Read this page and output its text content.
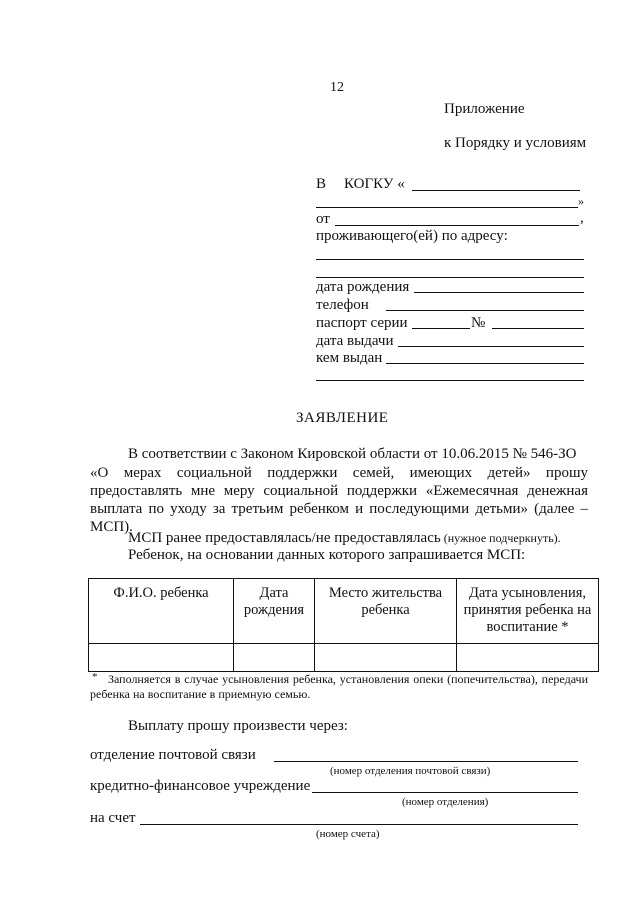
12
Приложение
к Порядку и условиям
В КОГКУ «
»
от	,
проживающего(ей) по адресу:
дата рождения
телефон
паспорт серии	№
дата выдачи
кем выдан
ЗАЯВЛЕНИЕ
В соответствии с Законом Кировской области от 10.06.2015 № 546-ЗО
«О мерах социальной поддержки семей, имеющих детей» прошу предоставлять мне меру социальной поддержки «Ежемесячная денежная выплата по уходу за третьим ребенком и последующими детьми» (далее – МСП).
МСП ранее предоставлялась/не предоставлялась (нужное подчеркнуть).
Ребенок, на основании данных которого запрашивается МСП:
Ф.И.О. ребенка	Дата рождения	Место жительства ребенка	Дата усыновления, принятия ребенка на воспитание *

* Заполняется в случае усыновления ребенка, установления опеки (попечительства), передачи ребенка на воспитание в приемную семью.
Выплату прошу произвести через:
отделение почтовой связи
(номер отделения почтовой связи)
кредитно-финансовое учреждение
(номер отделения)
на счет
(номер счета)
